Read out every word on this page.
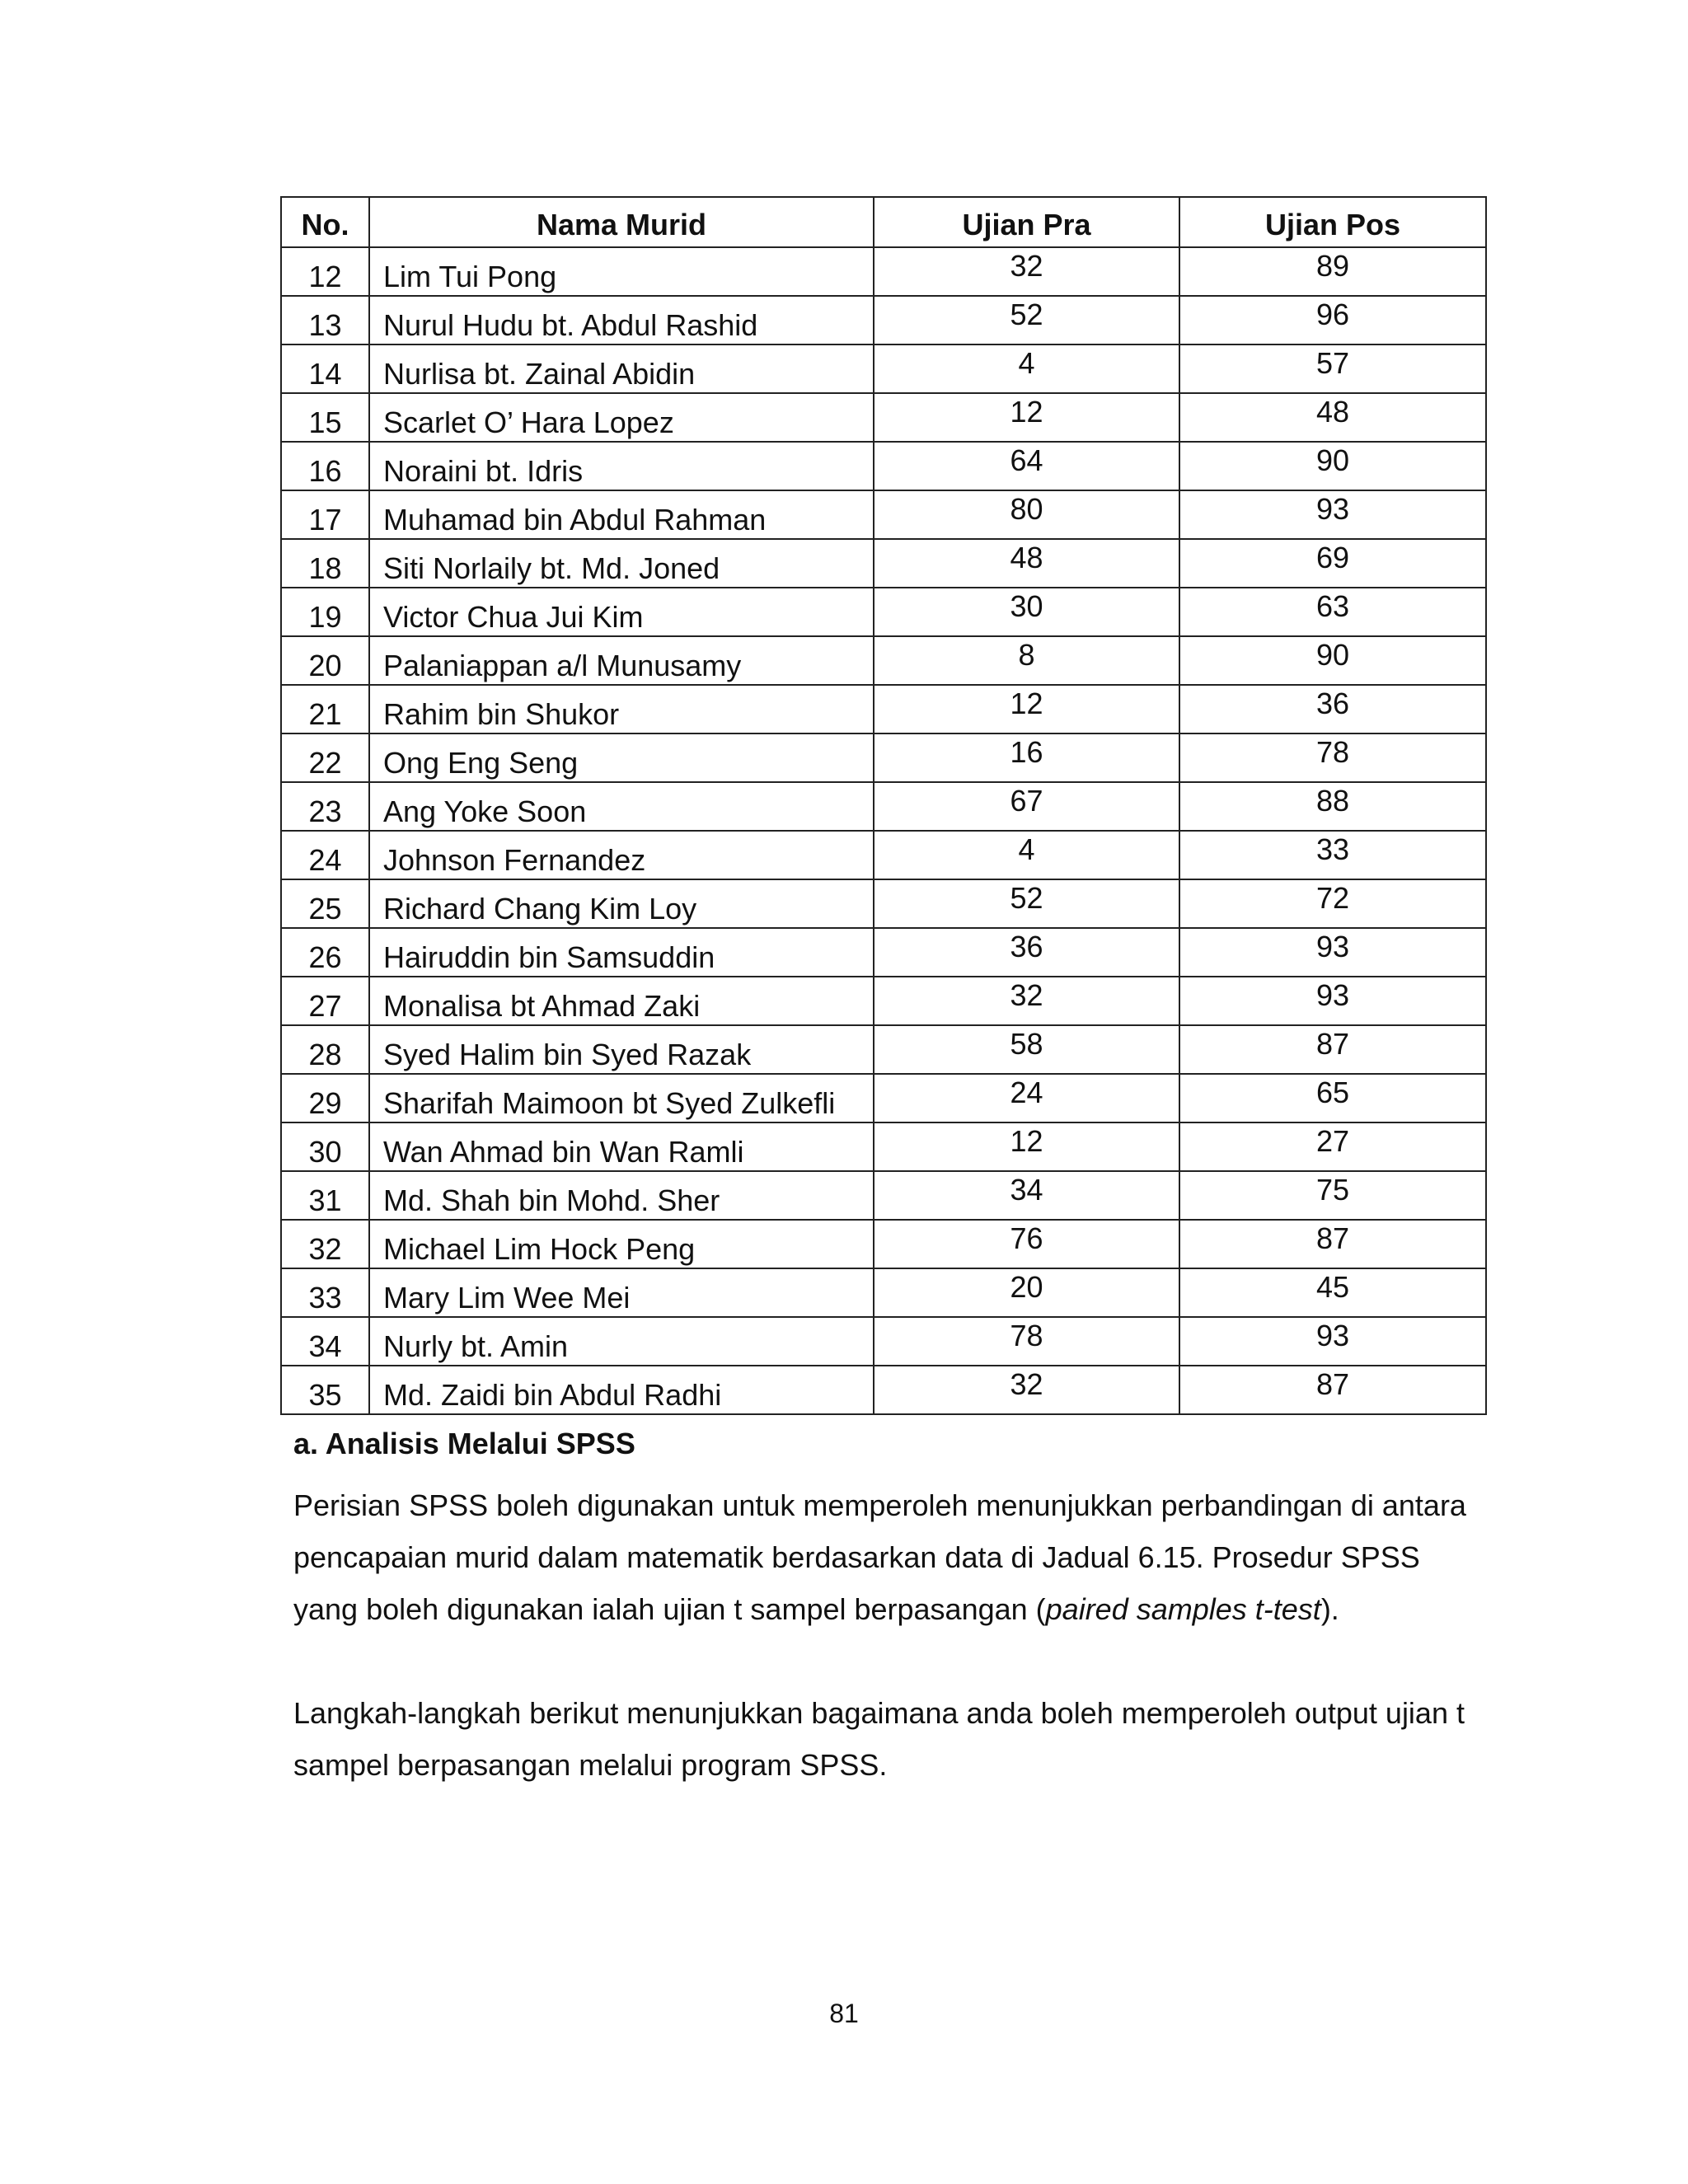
No.	Nama Murid	Ujian Pra	Ujian Pos
12	Lim Tui Pong	32	89
13	Nurul Hudu bt. Abdul Rashid	52	96
14	Nurlisa bt. Zainal Abidin	4	57
15	Scarlet O’ Hara Lopez	12	48
16	Noraini bt. Idris	64	90
17	Muhamad bin Abdul Rahman	80	93
18	Siti Norlaily bt. Md. Joned	48	69
19	Victor Chua Jui Kim	30	63
20	Palaniappan a/l Munusamy	8	90
21	Rahim bin Shukor	12	36
22	Ong Eng Seng	16	78
23	Ang Yoke Soon	67	88
24	Johnson Fernandez	4	33
25	Richard Chang Kim Loy	52	72
26	Hairuddin bin Samsuddin	36	93
27	Monalisa bt Ahmad Zaki	32	93
28	Syed Halim bin Syed Razak	58	87
29	Sharifah Maimoon bt Syed Zulkefli	24	65
30	Wan Ahmad bin Wan Ramli	12	27
31	Md. Shah bin Mohd. Sher	34	75
32	Michael Lim Hock Peng	76	87
33	Mary Lim Wee Mei	20	45
34	Nurly bt. Amin	78	93
35	Md. Zaidi bin Abdul Radhi	32	87
a. Analisis Melalui SPSS

Perisian SPSS boleh digunakan untuk memperoleh menunjukkan perbandingan di antara pencapaian murid dalam matematik berdasarkan data di Jadual 6.15. Prosedur SPSS yang boleh digunakan ialah ujian t sampel berpasangan (paired samples t-test).

Langkah-langkah berikut menunjukkan bagaimana anda boleh memperoleh output ujian t sampel berpasangan melalui program SPSS.

81
